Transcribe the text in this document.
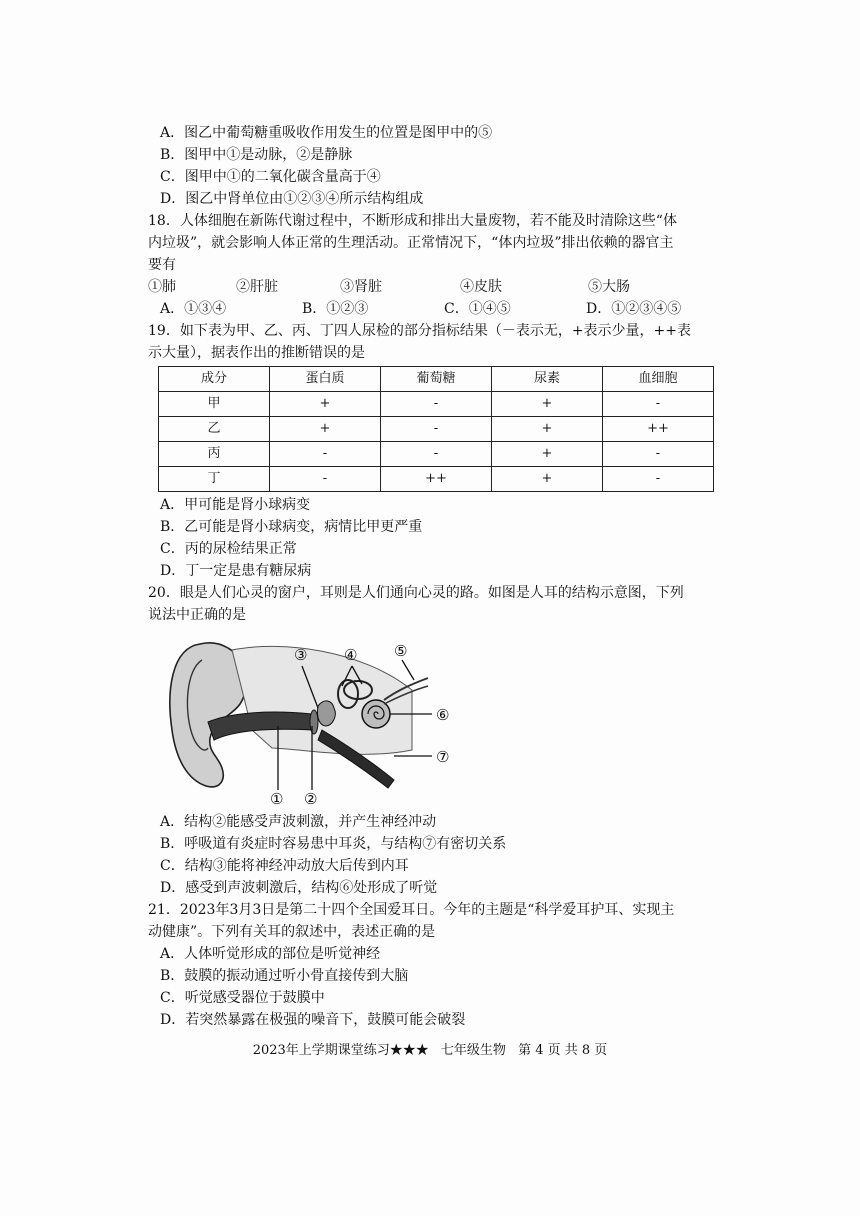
A．图乙中葡萄糖重吸收作用发生的位置是图甲中的⑤
B．图甲中①是动脉，②是静脉
C．图甲中①的二氧化碳含量高于④
D．图乙中肾单位由①②③④所示结构组成
18．人体细胞在新陈代谢过程中，不断形成和排出大量废物，若不能及时清除这些“体
内垃圾”，就会影响人体正常的生理活动。正常情况下，“体内垃圾”排出依赖的器官主
要有
①肺	②肝脏	③肾脏	④皮肤	⑤大肠
A．①③④	B．①②③	C．①④⑤	D．①②③④⑤
19．如下表为甲、乙、丙、丁四人尿检的部分指标结果（－表示无，+表示少量，++表
示大量），据表作出的推断错误的是
成分	蛋白质	葡萄糖	尿素	血细胞
甲	+	-	+	-
乙	+	-	+	++
丙	-	-	+	-
丁	-	++	+	-
A．甲可能是肾小球病变
B．乙可能是肾小球病变，病情比甲更严重
C．丙的尿检结果正常
D．丁一定是患有糖尿病
20．眼是人们心灵的窗户，耳则是人们通向心灵的路。如图是人耳的结构示意图，下列
说法中正确的是
① ②
③ ④ ⑤
⑥
⑦
A．结构②能感受声波刺激，并产生神经冲动
B．呼吸道有炎症时容易患中耳炎，与结构⑦有密切关系
C．结构③能将神经冲动放大后传到内耳
D．感受到声波刺激后，结构⑥处形成了听觉
21．2023年3月3日是第二十四个全国爱耳日。今年的主题是“科学爱耳护耳、实现主
动健康”。下列有关耳的叙述中，表述正确的是
A．人体听觉形成的部位是听觉神经
B．鼓膜的振动通过听小骨直接传到大脑
C．听觉感受器位于鼓膜中
D．若突然暴露在极强的噪音下，鼓膜可能会破裂
2023年上学期课堂练习★★★ 七年级生物 第 4 页 共 8 页
